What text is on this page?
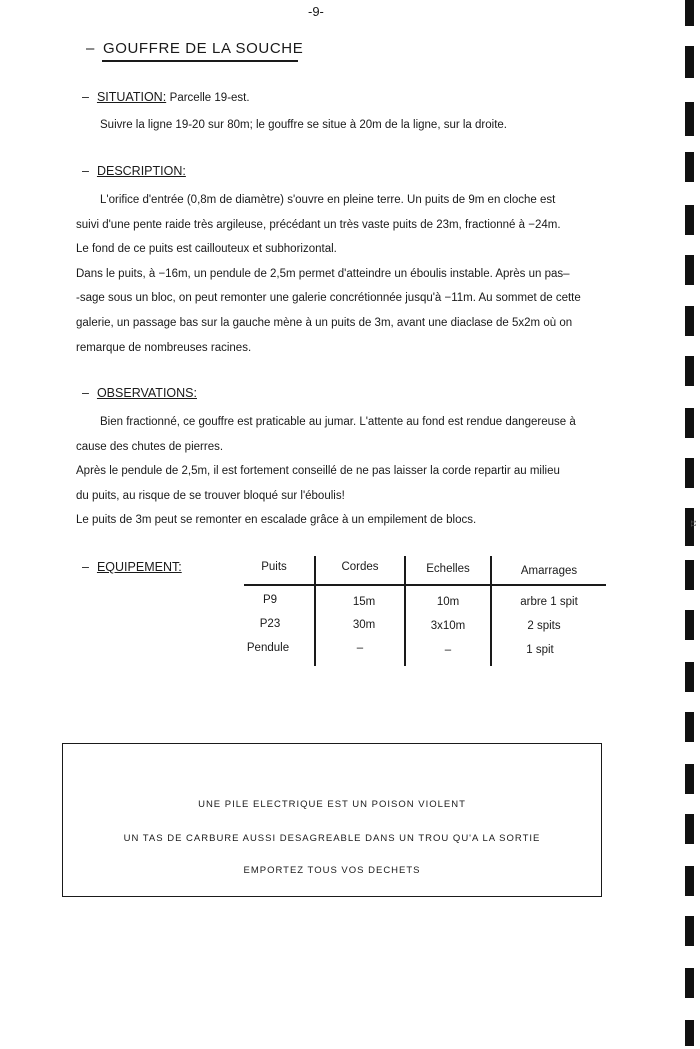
-9-
– GOUFFRE DE LA SOUCHE
– SITUATION: Parcelle 19-est.
Suivre la ligne 19-20 sur 80m; le gouffre se situe à 20m de la ligne, sur la droite.
– DESCRIPTION:

L'orifice d'entrée (0,8m de diamètre) s'ouvre en pleine terre. Un puits de 9m en cloche est

suivi d'une pente raide très argileuse, précédant un très vaste puits de 23m, fractionné à −24m.

Le fond de ce puits est caillouteux et subhorizontal.

Dans le puits, à −16m, un pendule de 2,5m permet d'atteindre un éboulis instable. Après un pas–

-sage sous un bloc, on peut remonter une galerie concrétionnée jusqu'à −11m. Au sommet de cette

galerie, un passage bas sur la gauche mène à un puits de 3m, avant une diaclase de 5x2m où on

remarque de nombreuses racines.

– OBSERVATIONS:

Bien fractionné, ce gouffre est praticable au jumar. L'attente au fond est rendue dangereuse à

cause des chutes de pierres.

Après le pendule de 2,5m, il est fortement conseillé de ne pas laisser la corde repartir au milieu

du puits, au risque de se trouver bloqué sur l'éboulis!

Le puits de 3m peut se remonter en escalade grâce à un empilement de blocs.

– EQUIPEMENT:	Puits	Cordes	Echelles	Amarrages
P9	15m	10m	arbre 1 spit
P23	30m	3x10m	2 spits
Pendule	–	–	1 spit

UNE PILE ELECTRIQUE EST UN POISON VIOLENT

UN TAS DE CARBURE AUSSI DESAGREABLE DANS UN TROU QU'A LA SORTIE

EMPORTEZ TOUS VOS DECHETS

11
